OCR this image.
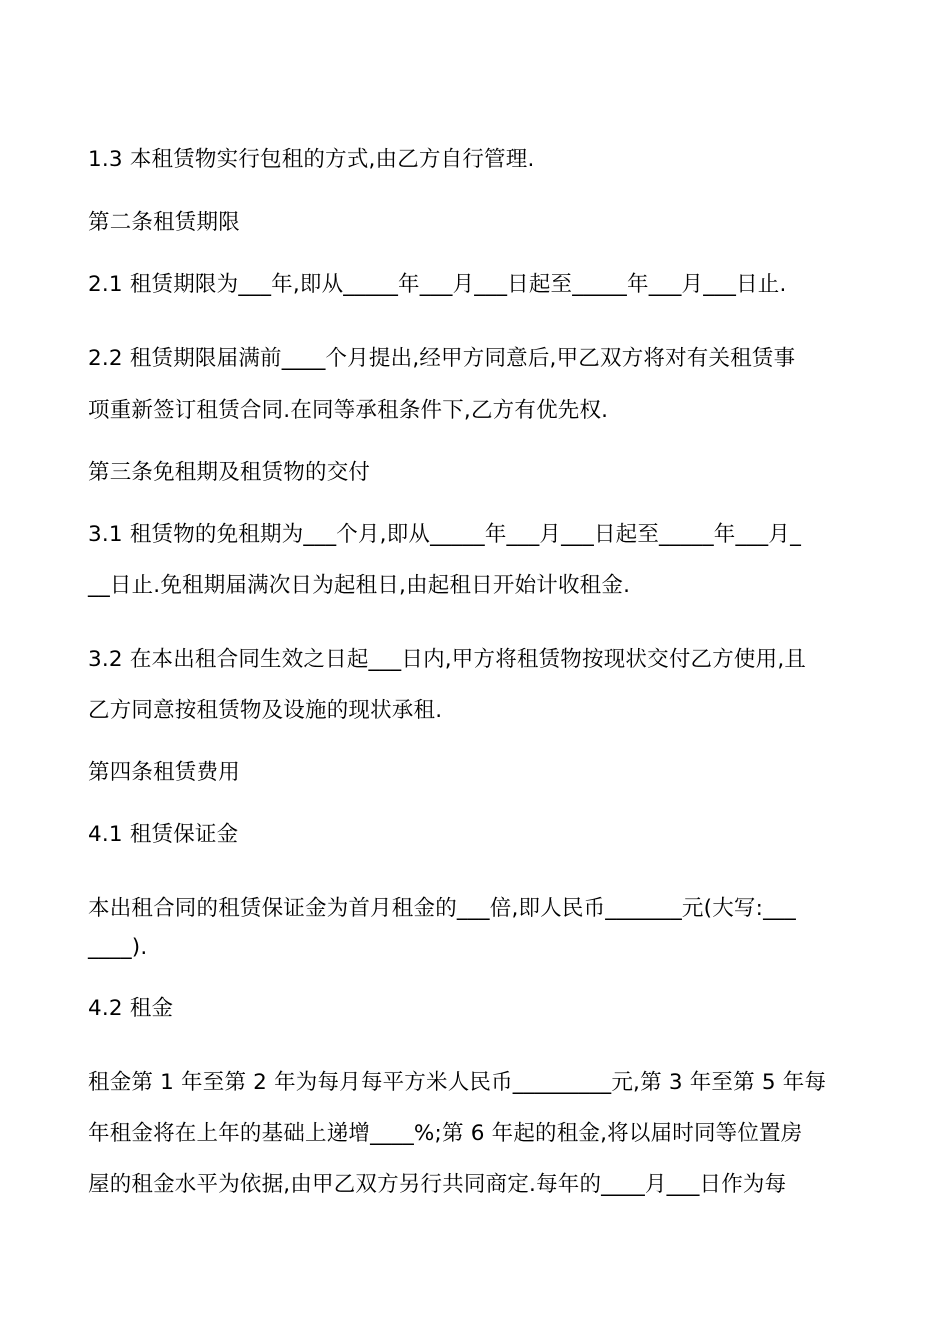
1.3 本租赁物实行包租的方式,由乙方自行管理.
第二条租赁期限
2.1 租赁期限为___年,即从_____年___月___日起至_____年___月___日止.
2.2 租赁期限届满前____个月提出,经甲方同意后,甲乙双方将对有关租赁事
项重新签订租赁合同.在同等承租条件下,乙方有优先权.
第三条免租期及租赁物的交付
3.1 租赁物的免租期为___个月,即从_____年___月___日起至_____年___月_
__日止.免租期届满次日为起租日,由起租日开始计收租金.
3.2 在本出租合同生效之日起___日内,甲方将租赁物按现状交付乙方使用,且
乙方同意按租赁物及设施的现状承租.
第四条租赁费用
4.1 租赁保证金
本出租合同的租赁保证金为首月租金的___倍,即人民币_______元(大写:___
____).
4.2 租金
租金第 1 年至第 2 年为每月每平方米人民币_________元,第 3 年至第 5 年每
年租金将在上年的基础上递增____%;第 6 年起的租金,将以届时同等位置房
屋的租金水平为依据,由甲乙双方另行共同商定.每年的____月___日作为每
